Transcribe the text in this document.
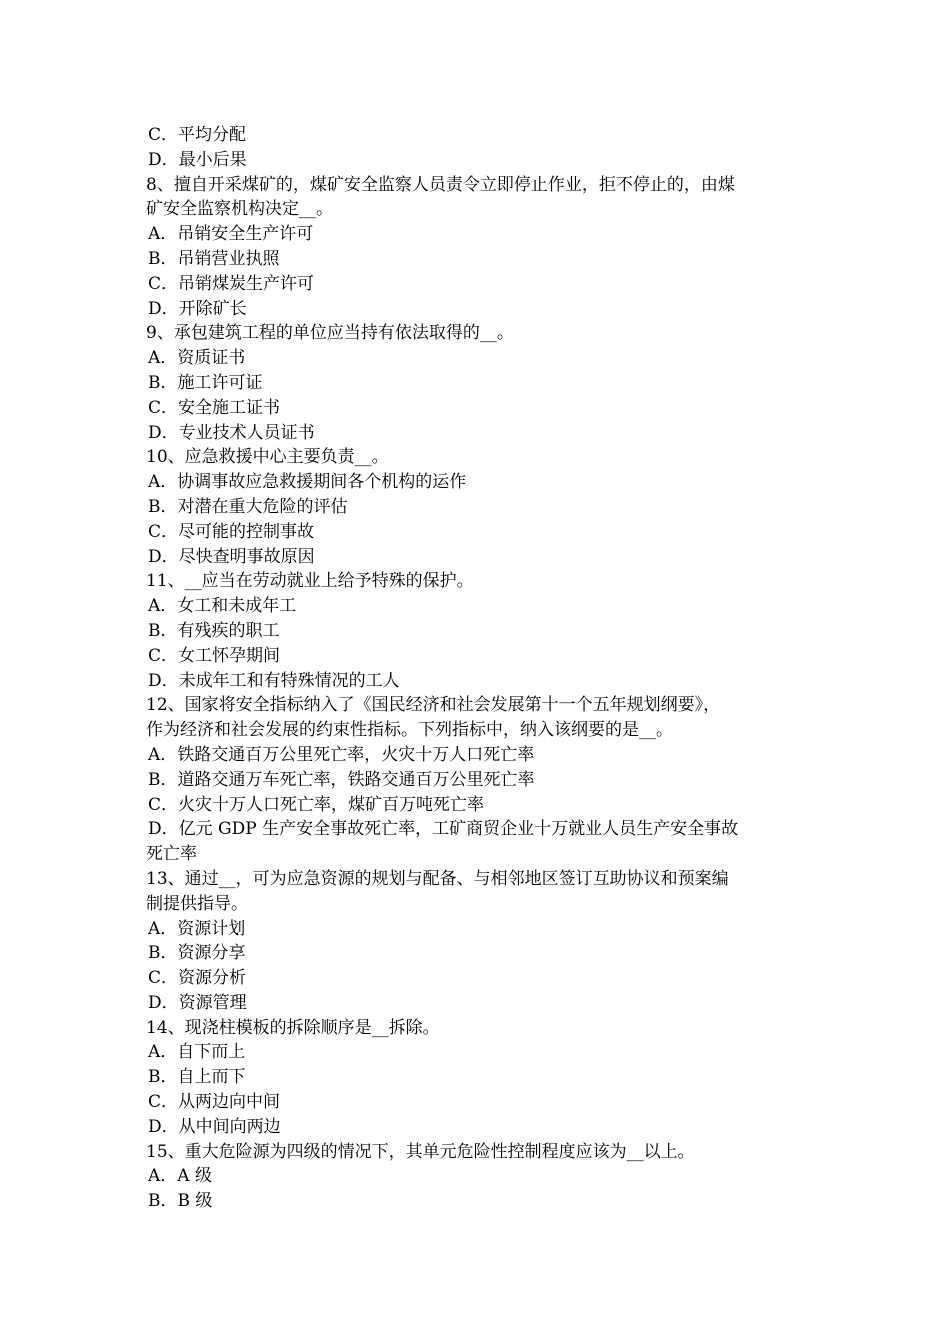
C．平均分配
D．最小后果
8、擅自开采煤矿的，煤矿安全监察人员责令立即停止作业，拒不停止的，由煤
矿安全监察机构决定__。
A．吊销安全生产许可
B．吊销营业执照
C．吊销煤炭生产许可
D．开除矿长
9、承包建筑工程的单位应当持有依法取得的__。
A．资质证书
B．施工许可证
C．安全施工证书
D．专业技术人员证书
10、应急救援中心主要负责__。
A．协调事故应急救援期间各个机构的运作
B．对潜在重大危险的评估
C．尽可能的控制事故
D．尽快查明事故原因
11、__应当在劳动就业上给予特殊的保护。
A．女工和未成年工
B．有残疾的职工
C．女工怀孕期间
D．未成年工和有特殊情况的工人
12、国家将安全指标纳入了《国民经济和社会发展第十一个五年规划纲要》，
作为经济和社会发展的约束性指标。下列指标中，纳入该纲要的是__。
A．铁路交通百万公里死亡率，火灾十万人口死亡率
B．道路交通万车死亡率，铁路交通百万公里死亡率
C．火灾十万人口死亡率，煤矿百万吨死亡率
D．亿元 GDP 生产安全事故死亡率，工矿商贸企业十万就业人员生产安全事故
死亡率
13、通过__，可为应急资源的规划与配备、与相邻地区签订互助协议和预案编
制提供指导。
A．资源计划
B．资源分享
C．资源分析
D．资源管理
14、现浇柱模板的拆除顺序是__拆除。
A．自下而上
B．自上而下
C．从两边向中间
D．从中间向两边
15、重大危险源为四级的情况下，其单元危险性控制程度应该为__以上。
A．A 级
B．B 级
